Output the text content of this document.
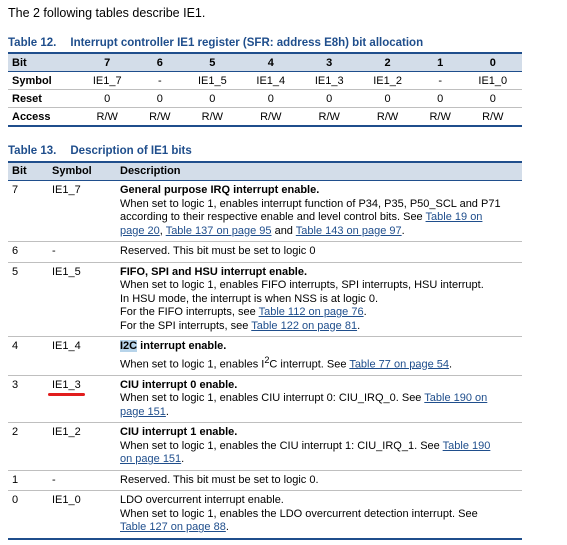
The 2 following tables describe IE1.
Table 12. Interrupt controller IE1 register (SFR: address E8h) bit allocation
Bit	7	6	5	4	3	2	1	0
Symbol	IE1_7	-	IE1_5	IE1_4	IE1_3	IE1_2	-	IE1_0
Reset	0	0	0	0	0	0	0	0
Access	R/W	R/W	R/W	R/W	R/W	R/W	R/W	R/W
Table 13. Description of IE1 bits
Bit	Symbol	Description
7	IE1_7	General purpose IRQ interrupt enable.
When set to logic 1, enables interrupt function of P34, P35, P50_SCL and P71
according to their respective enable and level control bits. See Table 19 on
page 20, Table 137 on page 95 and Table 143 on page 97.

6	-	Reserved. This bit must be set to logic 0
5	IE1_5	FIFO, SPI and HSU interrupt enable.
When set to logic 1, enables FIFO interrupts, SPI interrupts, HSU interrupt.
In HSU mode, the interrupt is when NSS is at logic 0.
For the FIFO interrupts, see Table 112 on page 76.
For the SPI interrupts, see Table 122 on page 81.

4	IE1_4	I2C interrupt enable.
When set to logic 1, enables $I^2C$ interrupt. See Table 77 on page 54.

3	IE1_3	CIU interrupt 0 enable.
When set to logic 1, enables CIU interrupt 0: CIU_IRQ_0. See Table 190 on
page 151.

2	IE1_2	CIU interrupt 1 enable.
When set to logic 1, enables the CIU interrupt 1: CIU_IRQ_1. See Table 190
on page 151.

1	-	Reserved. This bit must be set to logic 0.
0	IE1_0	LDO overcurrent interrupt enable.
When set to logic 1, enables the LDO overcurrent detection interrupt. See
Table 127 on page 88.
